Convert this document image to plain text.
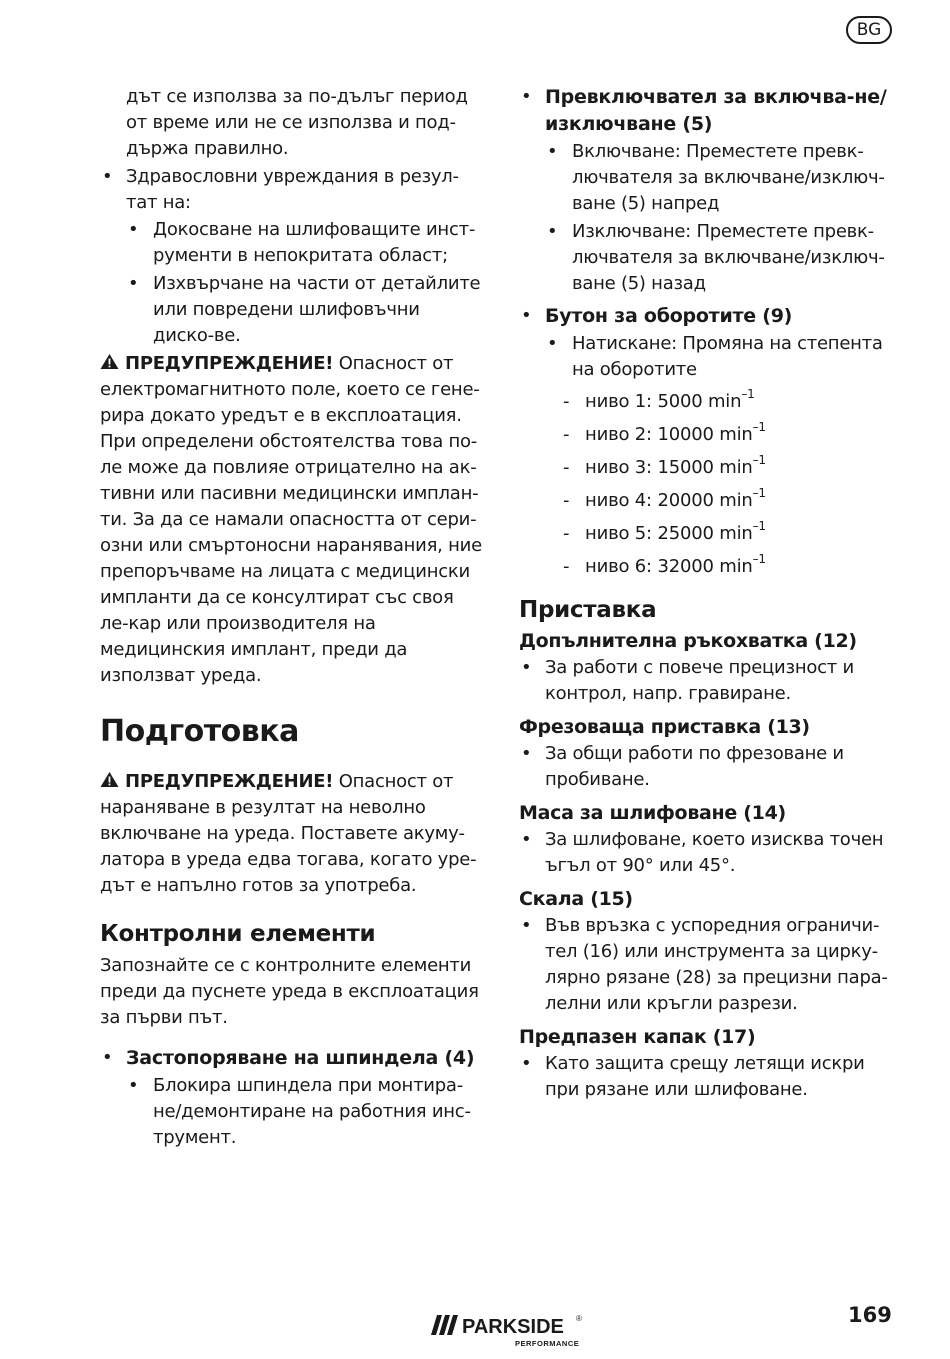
BG

дът се използва за по-дълъг период

от време или не се използва и под-

държа правилно.

• Здравословни увреждания в резул-тат на:
• Докосване на шлифоващите инст-рументи в непокритата област;
• Изхвърчане на части от детайлите или повредени шлифовъчни диско-ве.

ПРЕДУПРЕЖДЕНИЕ! Опасност от електромагнитното поле, което се гене-рира докато уредът е в експлоатация. При определени обстоятелства това по-ле може да повлияе отрицателно на ак-тивни или пасивни медицински имплан-ти. За да се намали опасността от сери-озни или смъртоносни наранявания, ние препоръчваме на лицата с медицински импланти да се консултират със своя ле-кар или производителя на медицинския имплант, преди да използват уреда.

Подготовка

ПРЕДУПРЕЖДЕНИЕ! Опасност от нараняване в резултат на неволно включване на уреда. Поставете акуму-латора в уреда едва тогава, когато уре-дът е напълно готов за употреба.

Контролни елементи

Запознайте се с контролните елементи преди да пуснете уреда в експлоатация за първи път.

• Застопоряване на шпиндела (4)
• Блокира шпиндела при монтира-не/демонтиране на работния инс-трумент.
• Превключвател за включва-не/изключване (5)
• Включване: Преместете превк-лючвателя за включване/изключ-ване (5) напред
• Изключване: Преместете превк-лючвателя за включване/изключ-ване (5) назад
• Бутон за оборотите (9)
• Натискане: Промяна на степента на оборотите
- ниво 1: 5000 $\min^{-1}$
- ниво 2: 10000 $\min^{-1}$
- ниво 3: 15000 $\min^{-1}$
- ниво 4: 20000 $\min^{-1}$
- ниво 5: 25000 $\min^{-1}$
- ниво 6: 32000 $\min^{-1}$
Приставка
Допълнителна ръкохватка (12)
• За работи с повече прецизност и контрол, напр. гравиране.
Фрезоваща приставка (13)
• За общи работи по фрезоване и пробиване.
Маса за шлифоване (14)
• За шлифоване, което изисква точен ъгъл от 90° или 45°.
Скала (15)
• Във връзка с успоредния ограничи-тел (16) или инструмента за цирку-лярно рязане (28) за прецизни пара-лелни или кръгли разрези.
Предпазен капак (17)
• Като защита срещу летящи искри при рязане или шлифоване.
PARKSIDE ®
PERFORMANCE
169
